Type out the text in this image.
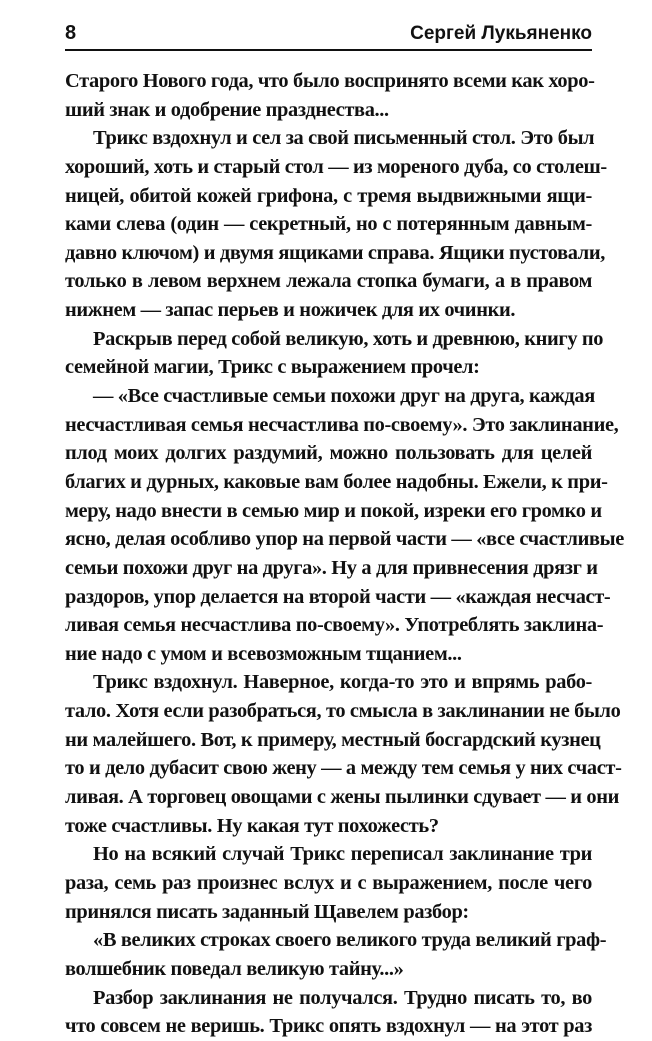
8	Сергей Лукьяненко
Старого Нового года, что было воспринято всеми как хоро-
ший знак и одобрение празднества...
Трикс вздохнул и сел за свой письменный стол. Это был
хороший, хоть и старый стол — из мореного дуба, со столеш-
ницей, обитой кожей грифона, с тремя выдвижными ящи-
ками слева (один — секретный, но с потерянным давным-
давно ключом) и двумя ящиками справа. Ящики пустовали,
только в левом верхнем лежала стопка бумаги, а в правом
нижнем — запас перьев и ножичек для их очинки.
Раскрыв перед собой великую, хоть и древнюю, книгу по
семейной магии, Трикс с выражением прочел:
— «Все счастливые семьи похожи друг на друга, каждая
несчастливая семья несчастлива по-своему». Это заклинание,
плод моих долгих раздумий, можно пользовать для целей
благих и дурных, каковые вам более надобны. Ежели, к при-
меру, надо внести в семью мир и покой, изреки его громко и
ясно, делая особливо упор на первой части — «все счастливые
семьи похожи друг на друга». Ну а для привнесения дрязг и
раздоров, упор делается на второй части — «каждая несчаст-
ливая семья несчастлива по-своему». Употреблять заклина-
ние надо с умом и всевозможным тщанием...
Трикс вздохнул. Наверное, когда-то это и впрямь рабо-
тало. Хотя если разобраться, то смысла в заклинании не было
ни малейшего. Вот, к примеру, местный босгардский кузнец
то и дело дубасит свою жену — а между тем семья у них счаст-
ливая. А торговец овощами с жены пылинки сдувает — и они
тоже счастливы. Ну какая тут похожесть?
Но на всякий случай Трикс переписал заклинание три
раза, семь раз произнес вслух и с выражением, после чего
принялся писать заданный Щавелем разбор:
«В великих строках своего великого труда великий граф-
волшебник поведал великую тайну...»
Разбор заклинания не получался. Трудно писать то, во
что совсем не веришь. Трикс опять вздохнул — на этот раз
